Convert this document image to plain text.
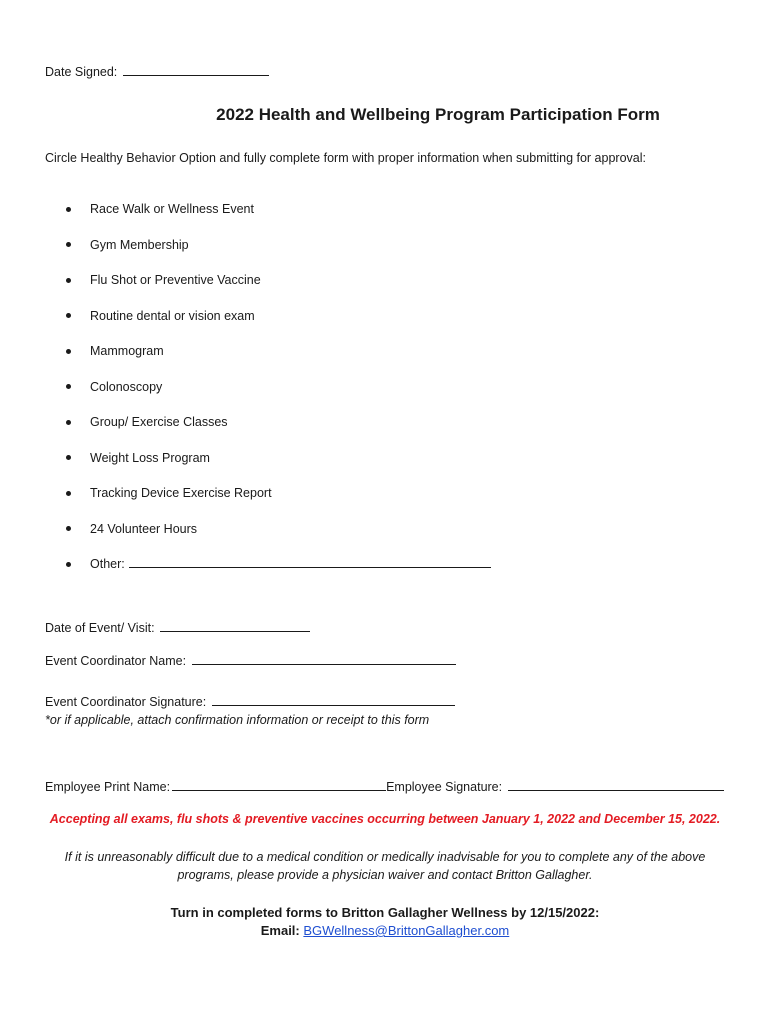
Date Signed:
2022 Health and Wellbeing Program Participation Form
Circle Healthy Behavior Option and fully complete form with proper information when submitting for approval:
Race Walk or Wellness Event
Gym Membership
Flu Shot or Preventive Vaccine
Routine dental or vision exam
Mammogram
Colonoscopy
Group/ Exercise Classes
Weight Loss Program
Tracking Device Exercise Report
24 Volunteer Hours
Other:
Date of Event/ Visit:
Event Coordinator Name:
Event Coordinator Signature:
*or if applicable, attach confirmation information or receipt to this form
Employee Print Name:	Employee Signature:
Accepting all exams, flu shots & preventive vaccines occurring between January 1, 2022 and December 15, 2022.
If it is unreasonably difficult due to a medical condition or medically inadvisable for you to complete any of the above programs, please provide a physician waiver and contact Britton Gallagher.
Turn in completed forms to Britton Gallagher Wellness by 12/15/2022:
Email: BGWellness@BrittonGallagher.com
